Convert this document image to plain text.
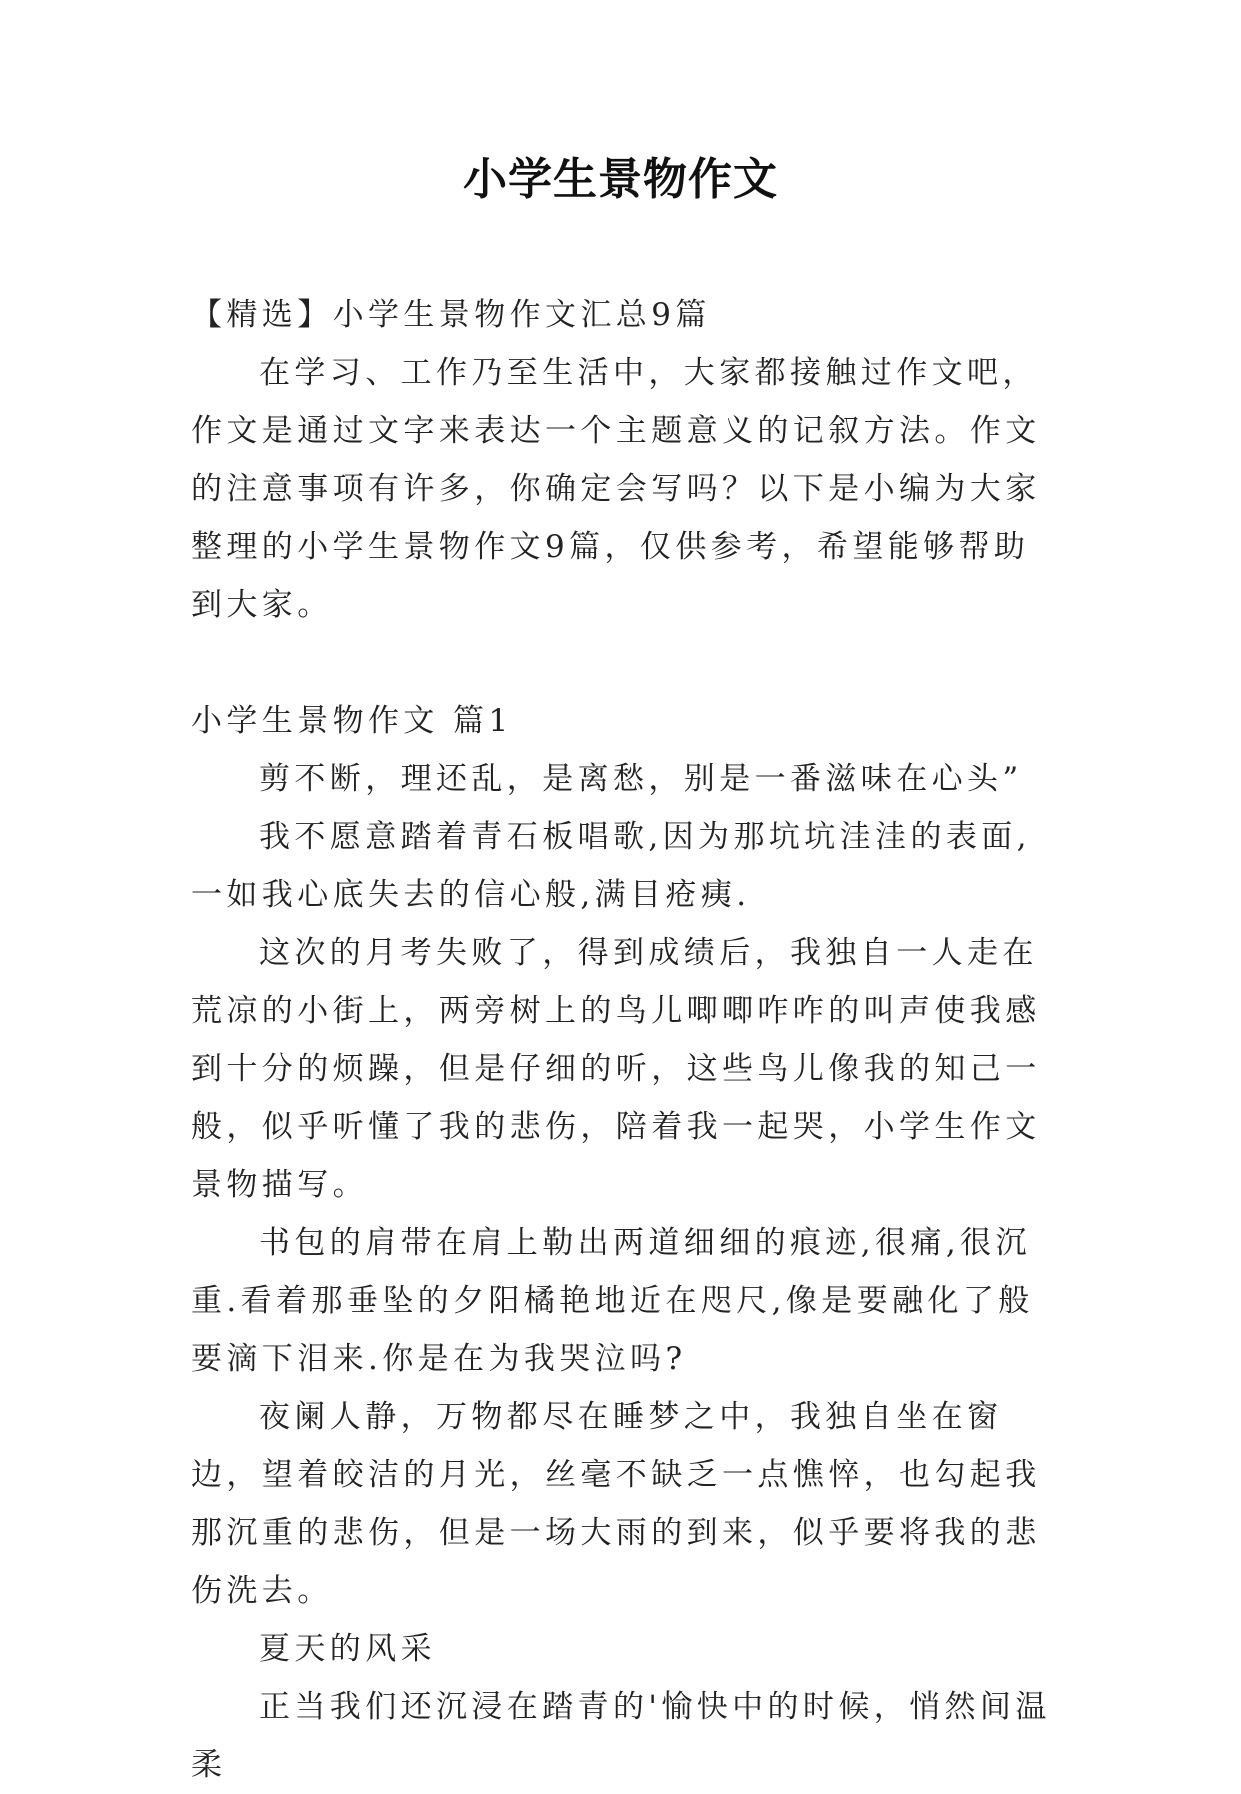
小学生景物作文

【精选】小学生景物作文汇总9篇

在学习、工作乃至生活中，大家都接触过作文吧，作文是通过文字来表达一个主题意义的记叙方法。作文的注意事项有许多，你确定会写吗？以下是小编为大家整理的小学生景物作文9篇，仅供参考，希望能够帮助到大家。

小学生景物作文 篇1

剪不断，理还乱，是离愁，别是一番滋味在心头”

我不愿意踏着青石板唱歌,因为那坑坑洼洼的表面,一如我心底失去的信心般,满目疮痍.

这次的月考失败了，得到成绩后，我独自一人走在荒凉的小街上，两旁树上的鸟儿唧唧咋咋的叫声使我感到十分的烦躁，但是仔细的听，这些鸟儿像我的知己一般，似乎听懂了我的悲伤，陪着我一起哭，小学生作文景物描写。

书包的肩带在肩上勒出两道细细的痕迹,很痛,很沉重.看着那垂坠的夕阳橘艳地近在咫尺,像是要融化了般要滴下泪来.你是在为我哭泣吗?

夜阑人静，万物都尽在睡梦之中，我独自坐在窗边，望着皎洁的月光，丝毫不缺乏一点憔悴，也勾起我那沉重的悲伤，但是一场大雨的到来，似乎要将我的悲伤洗去。

夏天的风采

正当我们还沉浸在踏青的'愉快中的时候，悄然间温柔
